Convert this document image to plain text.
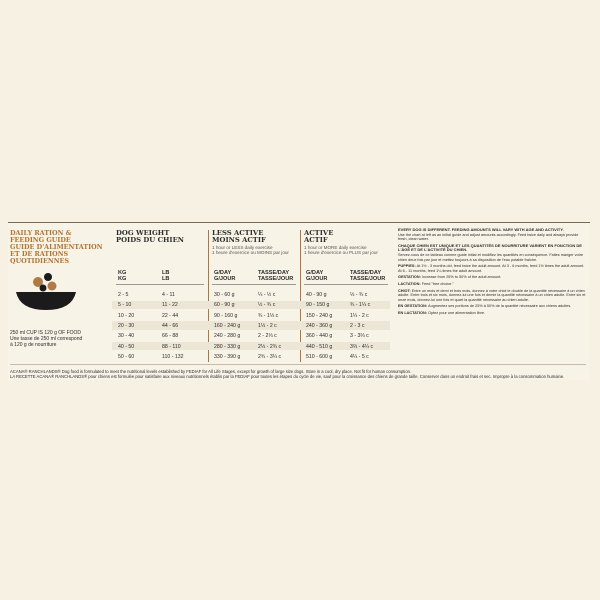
DAILY RATION &
FEEDING GUIDE
GUIDE D'ALIMENTATION
ET DE RATIONS
QUOTIDIENNES
250 ml CUP IS 120 g OF FOOD
Une tasse de 250 ml correspond
à 120 g de nourriture
DOG WEIGHT
POIDS DU CHIEN
LESS ACTIVE
MOINS ACTIF
1 hour or LESS daily exercise
1 heure d'exercice ou MOINS par jour
ACTIVE
ACTIF
1 hour or MORE daily exercise
1 heure d'exercice ou PLUS par jour
KG
KG
LB
LB
G/DAY
G/JOUR
TASSE/DAY
TASSE/JOUR
G/DAY
G/JOUR
TASSE/DAY
TASSE/JOUR
2 - 5	4 - 11	30 - 60 g	¼ - ½ c	40 - 90 g	⅓ - ¾ c
5 - 10	11 - 22	60 - 90 g	½ - ¾ c	90 - 150 g	¾ - 1¼ c
10 - 20	22 - 44	90 - 160 g	¾ - 1⅓ c	150 - 240 g	1¼ - 2 c
20 - 30	44 - 66	160 - 240 g	1⅓ - 2 c	240 - 360 g	2 - 3 c
30 - 40	66 - 88	240 - 280 g	2 - 2⅓ c	360 - 440 g	3 - 3⅔ c
40 - 50	88 - 110	280 - 330 g	2⅓ - 2¾ c	440 - 510 g	3⅔ - 4¼ c
50 - 60	110 - 132	330 - 390 g	2¾ - 3¼ c	510 - 600 g	4¼ - 5 c

EVERY DOG IS DIFFERENT. FEEDING AMOUNTS WILL VARY WITH AGE AND ACTIVITY.
Use the chart at left as an initial guide and adjust amounts accordingly. Feed twice daily and always provide fresh, clean water.

CHAQUE CHIEN EST UNIQUE ET LES QUANTITÉS DE NOURRITURE VARIENT EN FONCTION DE L'ÂGE ET DE L'ACTIVITÉ DU CHIEN.
Servez-vous de ce tableau comme guide initial et modifiez les quantités en conséquence. Faites manger votre chien deux fois par jour et mettez toujours à sa disposition de l'eau potable fraîche.

PUPPIES: At 1½ - 3 months old, feed twice the adult amount. At 3 - 6 months, feed 1½ times the adult amount. At 6 - 11 months, feed 1¼ times the adult amount.

GESTATION: Increase from 25% to 50% of the adult amount.

LACTATION: Feed "free choice."

CHIOT: Entre un mois et demi et trois mois, donnez à votre chiot le double de la quantité nécessaire à un chien adulte. Entre trois et six mois, donnez-lui une fois et demie la quantité nécessaire à un chien adulte. Entre six et onze mois, donnez-lui une fois et quart la quantité nécessaire au chien adulte.

EN GESTATION: Augmentez ses portions de 25% à 50% de la quantité nécessaire aux chiens adultes.

EN LACTATION: Optez pour une alimentation libre.

ACANA® RANCHLANDS® Dog food is formulated to meet the nutritional levels established by FEDIAF for All Life Stages, except for growth of large size dogs. Store in a cool, dry place. Not fit for human consumption.
LA RECETTE ACANA® RANCHLANDS® pour chiens est formulée pour satisfaire aux niveaux nutritionnels établis par la FEDIAF pour toutes les étapes du cycle de vie, sauf pour la croissance des chiens de grande taille. Conserver dans un endroit frais et sec. Impropre à la consommation humaine.
